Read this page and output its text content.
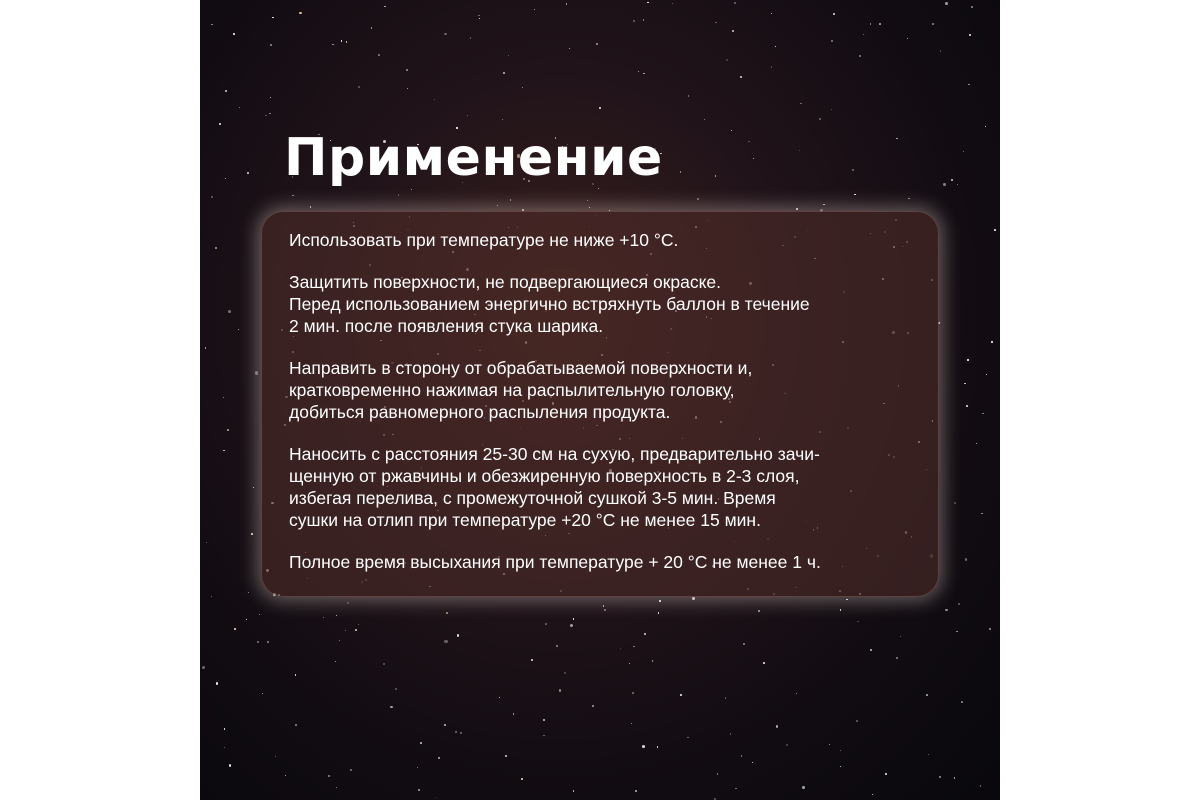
Применение

Использовать при температуре не ниже +10 °С.

Защитить поверхности, не подвергающиеся окраске.
Перед использованием энергично встряхнуть баллон в течение
2 мин. после появления стука шарика.

Направить в сторону от обрабатываемой поверхности и,
кратковременно нажимая на распылительную головку,
добиться равномерного распыления продукта.

Наносить с расстояния 25-30 см на сухую, предварительно зачи-
щенную от ржавчины и обезжиренную поверхность в 2-3 слоя,
избегая перелива, с промежуточной сушкой 3-5 мин. Время
сушки на отлип при температуре +20 °С не менее 15 мин.

Полное время высыхания при температуре + 20 °С не менее 1 ч.
